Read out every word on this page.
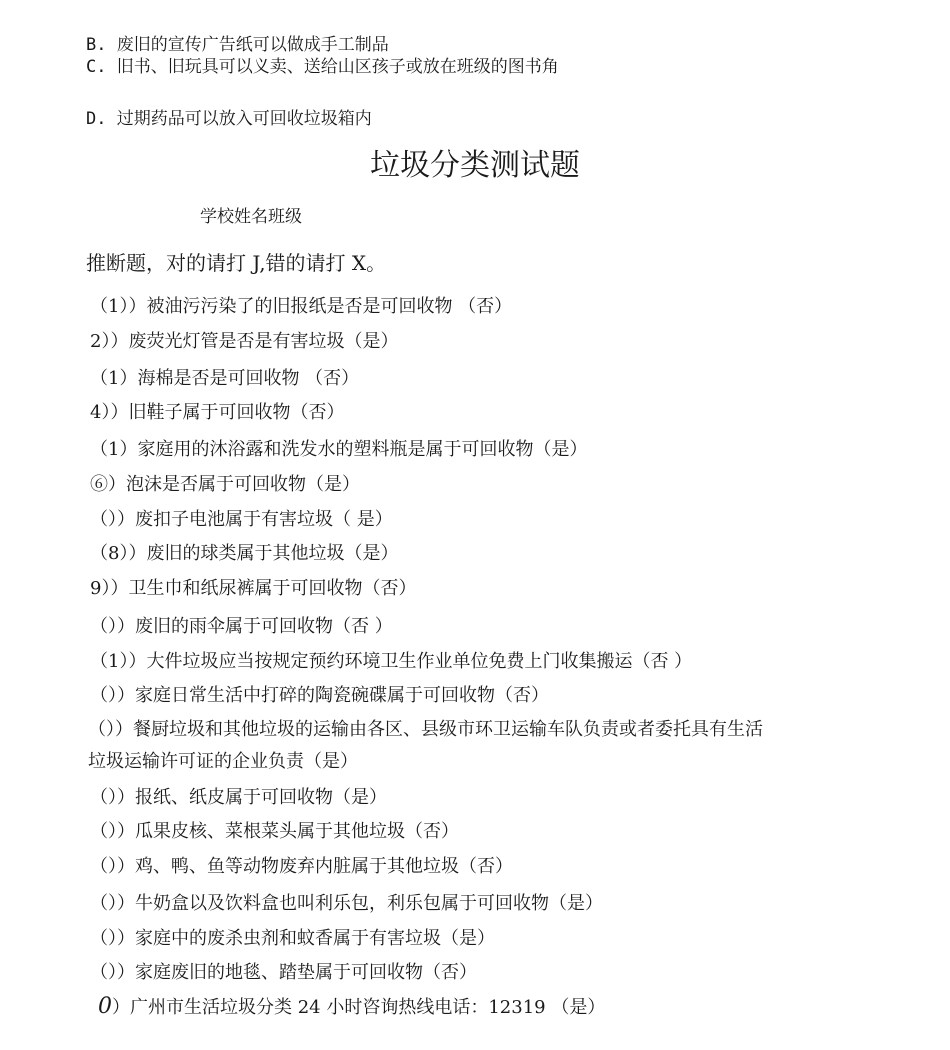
B. 废旧的宣传广告纸可以做成手工制品
C. 旧书、旧玩具可以义卖、送给山区孩子或放在班级的图书角
D. 过期药品可以放入可回收垃圾箱内
垃圾分类测试题
学校姓名班级
推断题，对的请打 J,错的请打 X。
（1））被油污污染了的旧报纸是否是可回收物 （否）
2））废荧光灯管是否是有害垃圾（是）
（1）海棉是否是可回收物 （否）
4））旧鞋子属于可回收物（否）
（1）家庭用的沐浴露和洗发水的塑料瓶是属于可回收物（是）
⑥）泡沫是否属于可回收物（是）
（））废扣子电池属于有害垃圾（ 是）
（8））废旧的球类属于其他垃圾（是）
9））卫生巾和纸尿裤属于可回收物（否）
（））废旧的雨伞属于可回收物（否 ）
（1））大件垃圾应当按规定预约环境卫生作业单位免费上门收集搬运（否 ）
（））家庭日常生活中打碎的陶瓷碗碟属于可回收物（否）
（））餐厨垃圾和其他垃圾的运输由各区、县级市环卫运输车队负责或者委托具有生活垃圾运输许可证的企业负责（是）
（））报纸、纸皮属于可回收物（是）
（））瓜果皮核、菜根菜头属于其他垃圾（否）
（））鸡、鸭、鱼等动物废弃内脏属于其他垃圾（否）
（））牛奶盒以及饮料盒也叫利乐包，利乐包属于可回收物（是）
（））家庭中的废杀虫剂和蚊香属于有害垃圾（是）
（））家庭废旧的地毯、踏垫属于可回收物（否）
0）广州市生活垃圾分类 24 小时咨询热线电话：12319 （是）
